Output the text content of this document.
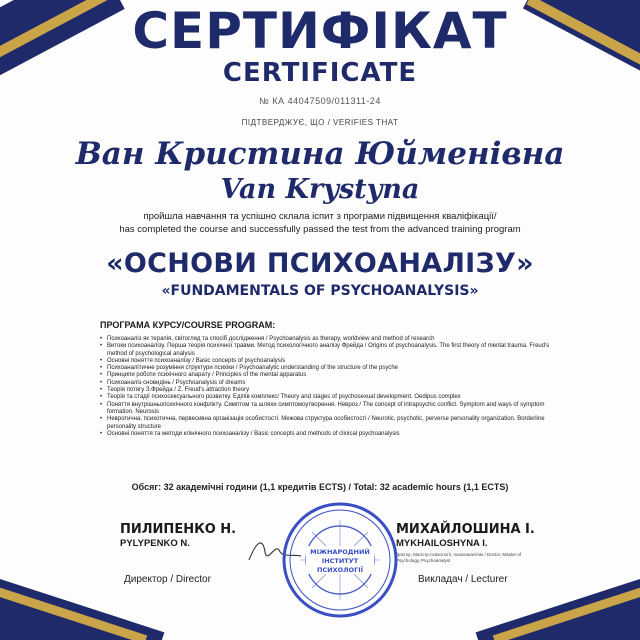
СЕРТИФІКАТ
CERTIFICATE
№ КА 44047509/011311-24
ПІДТВЕРДЖУЄ, ЩО / VERIFIES THAT
Ван Кристина Юйменівна
Van Krystyna
пройшла навчання та успішно склала іспит з програми підвищення кваліфікації/
has completed the course and successfully passed the test from the advanced training program
«ОСНОВИ ПСИХОАНАЛІЗУ»
«FUNDAMENTALS OF PSYCHOANALYSIS»
ПРОГРАМА КУРСУ/COURSE PROGRAM:
• Психоаналіз як терапія, світогляд та спосіб дослідження / Psychoanalysis as therapy, worldview and method of research
• Витоки психоаналізу. Перша теорія психічної травми. Метод психологічного аналізу Фрейда / Origins of psychoanalysis. The first theory of mental trauma. Freud's method of psychological analysis
• Основні поняття психоаналізу / Basic concepts of psychoanalysis
• Психоаналітичне розуміння структури психіки / Psychoanalytic understanding of the structure of the psyche
• Принципи роботи психічного апарату / Principles of the mental apparatus
• Психоаналіз сновидінь / Psychoanalysis of dreams
• Теорія потягу З.Фрейда / Z. Freud's attraction theory
• Теорія та стадії психосексуального розвитку. Едіпів комплекс/ Theory and stages of psychosexual development. Oedipus complex
• Поняття внутрішньопсихічного конфлікту. Симптом та шляхи симптомоутворення. Невроз / The concept of intrapsychic conflict. Symptom and ways of symptom formation. Neurosis
• Невротична, психотична, первесивна організація особистості. Межова структура особистості / Neurotic, psychotic, perverse personality organization. Borderline personality structure
• Основні поняття та методи клінічного психоаналізу / Basic concepts and methods of clinical psychoanalysis
Обсяг: 32 академічні години (1,1 кредитів ECTS) / Total: 32 academic hours (1,1 ECTS)
ПИЛИПЕНКО Н.
PYLYPENKO N.
МИХАЙЛОШИНА І.
MYKHAILOSHYNA I.
Доктор, Магістр психології, психоаналітик / Doctor, Master of Psychology, Psychoanalyst
Директор / Director	Викладач / Lecturer
МІЖНАРОДНИЙ
ІНСТИТУТ
ПСИХОЛОГІЇ
